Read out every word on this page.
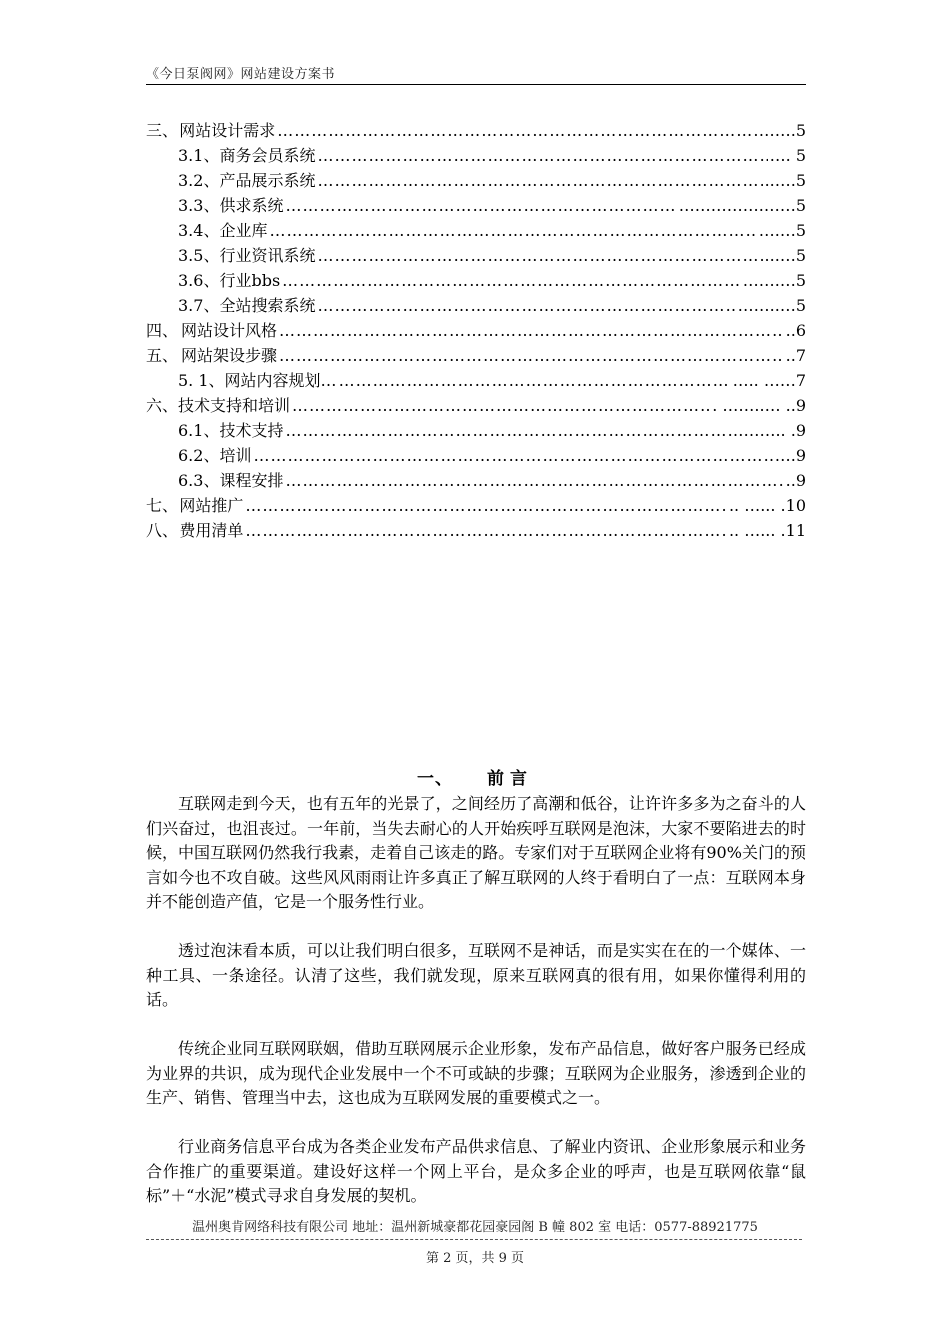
《今日泵阀网》网站建设方案书
三、 网站设计需求 ……………………………………………………………………………………………………………………………………………………	…….5
3.1、 商务会员系统 ……………………………………………………………………………………………………………………………………………………	…. 5
3.2、 产品展示系统 ……………………………………………………………………………………………………………………………………………………	..….5
3.3、 供求系统 ……………………………………………………………………………………………………………………………………………………	…………….……5
3.4、 企业库 ……………………………………………………………………………………………………………………………………………………	….…5
3.5、 行业资讯系统 ……………………………………………………………………………………………………………………………………………………	....…5
3.6、 行业bbs ……………………………………………………………………………………………………………………………………………………	…….…5
3.7、 全站搜索系统 ……………………………………………………………………………………………………………………………………………………	……..…5
四、 网站设计风格 ……………………………………………………………………………………………………………………………………………………	..6
五、 网站架设步骤 ……………………………………………………………………………………………………………………………………………………	..7
5. 1、 网站内容规划… ……………………………………………………………………………………………………………………………………………………	….. ……7
六、 技术支持和培训 ……………………………………………………………………………………………………………………………………………………	. ……..… ..9
6.1、 技术支持 ……………………………………………………………………………………………………………………………………………………	……….. .9
6.2、 培训 ……………………………………………………………………………………………………………………………………………………	….9
6.3、 课程安排 ……………………………………………………………………………………………………………………………………………………	..9
七、 网站推广 ……………………………………………………………………………………………………………………………………………………	.. …... .10
八、 费用清单 ……………………………………………………………………………………………………………………………………………………	.. …... .11
一、 前言

互联网走到今天，也有五年的光景了，之间经历了高潮和低谷，让许许多多为之奋斗的人们兴奋过，也沮丧过。一年前，当失去耐心的人开始疾呼互联网是泡沫，大家不要陷进去的时候，中国互联网仍然我行我素，走着自己该走的路。专家们对于互联网企业将有90%关门的预言如今也不攻自破。这些风风雨雨让许多真正了解互联网的人终于看明白了一点：互联网本身并不能创造产值，它是一个服务性行业。

透过泡沫看本质，可以让我们明白很多，互联网不是神话，而是实实在在的一个媒体、一种工具、一条途径。认清了这些，我们就发现，原来互联网真的很有用，如果你懂得利用的话。

传统企业同互联网联姻，借助互联网展示企业形象，发布产品信息，做好客户服务已经成为业界的共识，成为现代企业发展中一个不可或缺的步骤；互联网为企业服务，渗透到企业的生产、销售、管理当中去，这也成为互联网发展的重要模式之一。

行业商务信息平台成为各类企业发布产品供求信息、了解业内资讯、企业形象展示和业务合作推广的重要渠道。建设好这样一个网上平台，是众多企业的呼声，也是互联网依靠“鼠标”＋“水泥”模式寻求自身发展的契机。

温州奥肯网络科技有限公司 地址：温州新城豪都花园豪园阁 B 幢 802 室 电话：0577-88921775
第 2 页，共 9 页
